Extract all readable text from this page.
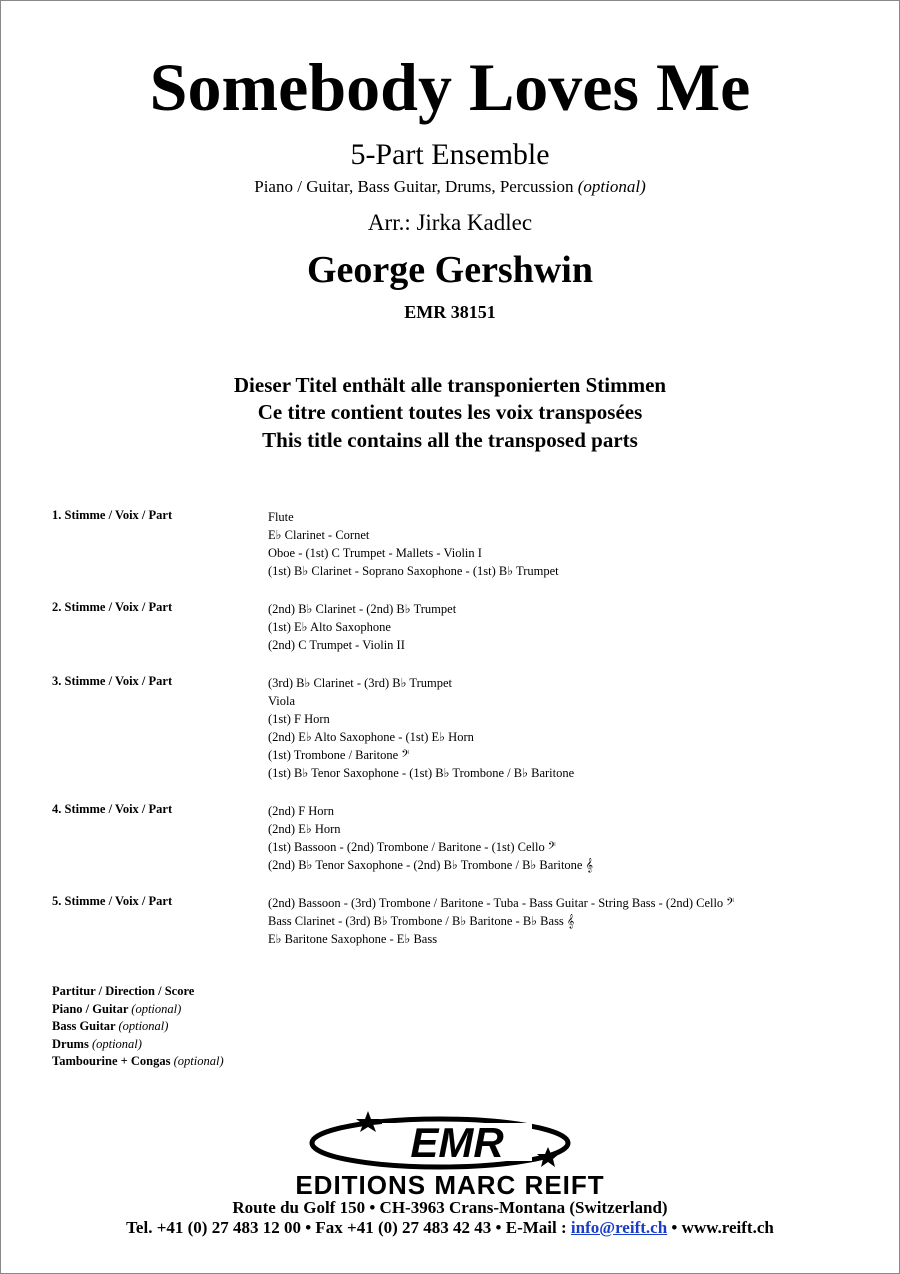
Somebody Loves Me
5-Part Ensemble
Piano / Guitar, Bass Guitar, Drums, Percussion (optional)
Arr.: Jirka Kadlec
George Gershwin
EMR 38151
Dieser Titel enthält alle transponierten Stimmen
Ce titre contient toutes les voix transposées
This title contains all the transposed parts
1. Stimme / Voix / Part	Flute
E♭ Clarinet - Cornet
Oboe - (1st) C Trumpet - Mallets - Violin I
(1st) B♭ Clarinet - Soprano Saxophone - (1st) B♭ Trumpet
2. Stimme / Voix / Part	(2nd) B♭ Clarinet - (2nd) B♭ Trumpet
(1st) E♭ Alto Saxophone
(2nd) C Trumpet - Violin II
3. Stimme / Voix / Part	(3rd) B♭ Clarinet - (3rd) B♭ Trumpet
Viola
(1st) F Horn
(2nd) E♭ Alto Saxophone - (1st) E♭ Horn
(1st) Trombone / Baritone 𝄢
(1st) B♭ Tenor Saxophone - (1st) B♭ Trombone / B♭ Baritone
4. Stimme / Voix / Part	(2nd) F Horn
(2nd) E♭ Horn
(1st) Bassoon - (2nd) Trombone / Baritone - (1st) Cello 𝄢
(2nd) B♭ Tenor Saxophone - (2nd) B♭ Trombone / B♭ Baritone 𝄞
5. Stimme / Voix / Part	(2nd) Bassoon - (3rd) Trombone / Baritone - Tuba - Bass Guitar - String Bass - (2nd) Cello 𝄢
Bass Clarinet - (3rd) B♭ Trombone / B♭ Baritone - B♭ Bass 𝄞
E♭ Baritone Saxophone - E♭ Bass
Partitur / Direction / Score
Piano / Guitar (optional)
Bass Guitar (optional)
Drums (optional)
Tambourine + Congas (optional)
EMR
EDITIONS MARC REIFT
Route du Golf 150 • CH-3963 Crans-Montana (Switzerland)
Tel. +41 (0) 27 483 12 00 • Fax +41 (0) 27 483 42 43 • E-Mail : info@reift.ch • www.reift.ch
